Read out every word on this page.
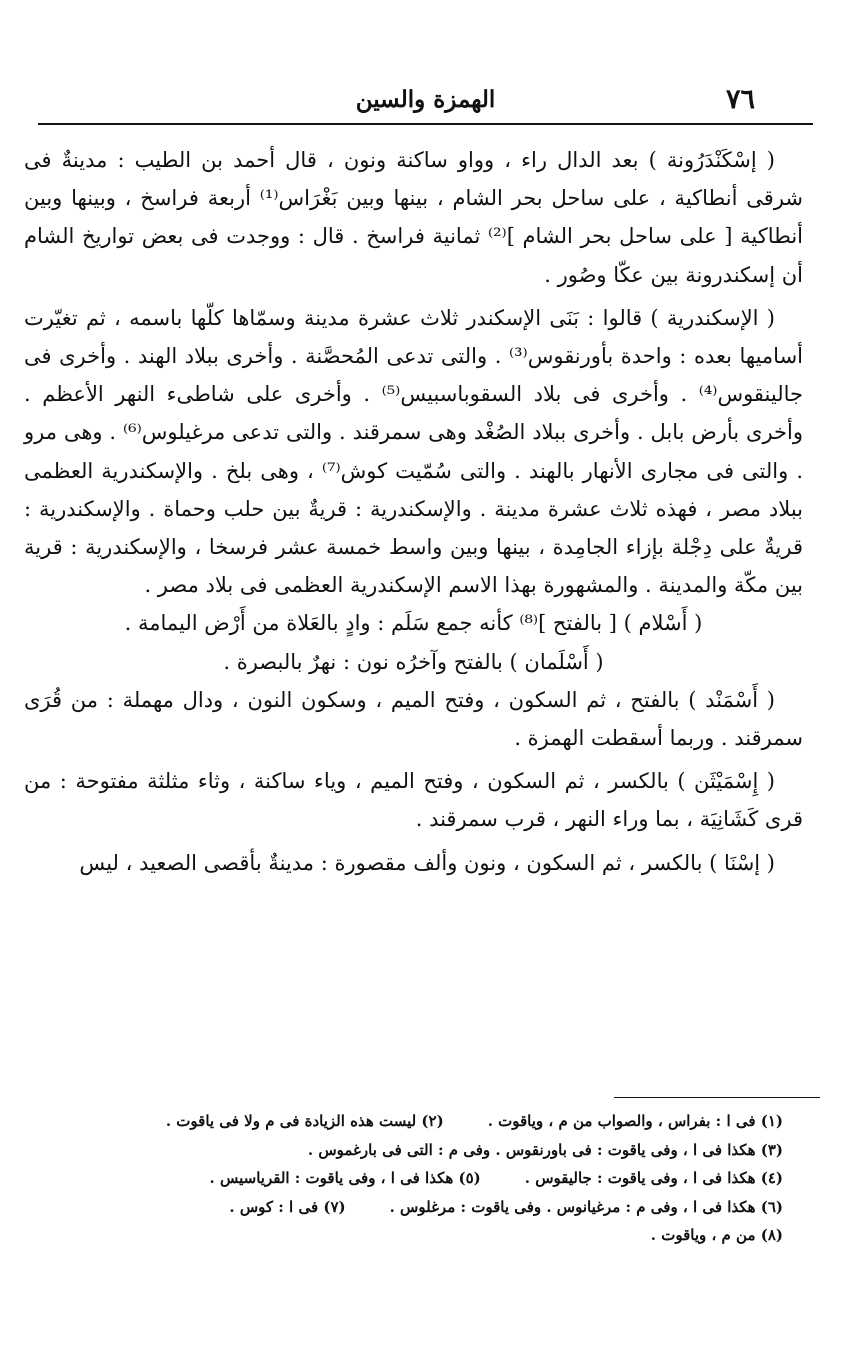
٧٦
الهمزة والسين

( إسْكَنْدَرُونة ) بعد الدال راء ، وواو ساكنة ونون ، قال أحمد بن الطيب : مدينةٌ فى شرقى أنطاكية ، على ساحل بحر الشام ، بينها وبين بَغْرَاس⁽¹⁾ أربعة فراسخ ، وبينها وبين أنطاكية [ على ساحل بحر الشام ]⁽²⁾ ثمانية فراسخ . قال : ووجدت فى بعض تواريخ الشام أن إسكندرونة بين عكّا وصُور .

( الإسكندرية ) قالوا : بَنَى الإسكندر ثلاث عشرة مدينة وسمّاها كلّها باسمه ، ثم تغيّرت أساميها بعده : واحدة بأورنقوس⁽³⁾ . والتى تدعى المُحصَّنة . وأخرى ببلاد الهند . وأخرى فى جالينقوس⁽⁴⁾ . وأخرى فى بلاد السقوباسبيس⁽⁵⁾ . وأخرى على شاطىء النهر الأعظم . وأخرى بأرض بابل . وأخرى ببلاد الصُغْد وهى سمرقند . والتى تدعى مرغيلوس⁽⁶⁾ . وهى مرو . والتى فى مجارى الأنهار بالهند . والتى سُمّيت كوش⁽⁷⁾ ، وهى بلخ . والإسكندرية العظمى ببلاد مصر ، فهذه ثلاث عشرة مدينة . والإسكندرية : قريةٌ بين حلب وحماة . والإسكندرية : قريةٌ على دِجْلة بإزاء الجامِدة ، بينها وبين واسط خمسة عشر فرسخا ، والإسكندرية : قرية بين مكّة والمدينة . والمشهورة بهذا الاسم الإسكندرية العظمى فى بلاد مصر .

( أَسْلام ) [ بالفتح ]⁽⁸⁾ كأنه جمع سَلَم : وادٍ بالعَلاة من أَرْض اليمامة .

( أَسْلَمان ) بالفتح وآخرُه نون : نهرٌ بالبصرة .

( أَسْمَنْد ) بالفتح ، ثم السكون ، وفتح الميم ، وسكون النون ، ودال مهملة : من قُرَى سمرقند . وربما أسقطت الهمزة .

( إِسْمَيْثَن ) بالكسر ، ثم السكون ، وفتح الميم ، وياء ساكنة ، وثاء مثلثة مفتوحة : من قرى كَشَانِيَة ، بما وراء النهر ، قرب سمرقند .

( إسْنَا ) بالكسر ، ثم السكون ، ونون وألف مقصورة : مدينةٌ بأقصى الصعيد ، ليس

(١) فى ا : بفراس ، والصواب من م ، وياقوت .(٢) ليست هذه الزيادة فى م ولا فى ياقوت .
(٣) هكذا فى ا ، وفى ياقوت : فى باورنقوس . وفى م : التى فى بارغموس .
(٤) هكذا فى ا ، وفى ياقوت : جاليقوس .(٥) هكذا فى ا ، وفى ياقوت : القرياسيس .
(٦) هكذا فى ا ، وفى م : مرغيانوس . وفى ياقوت : مرغلوس .(٧) فى ا : كوس .
(٨) من م ، وياقوت .
